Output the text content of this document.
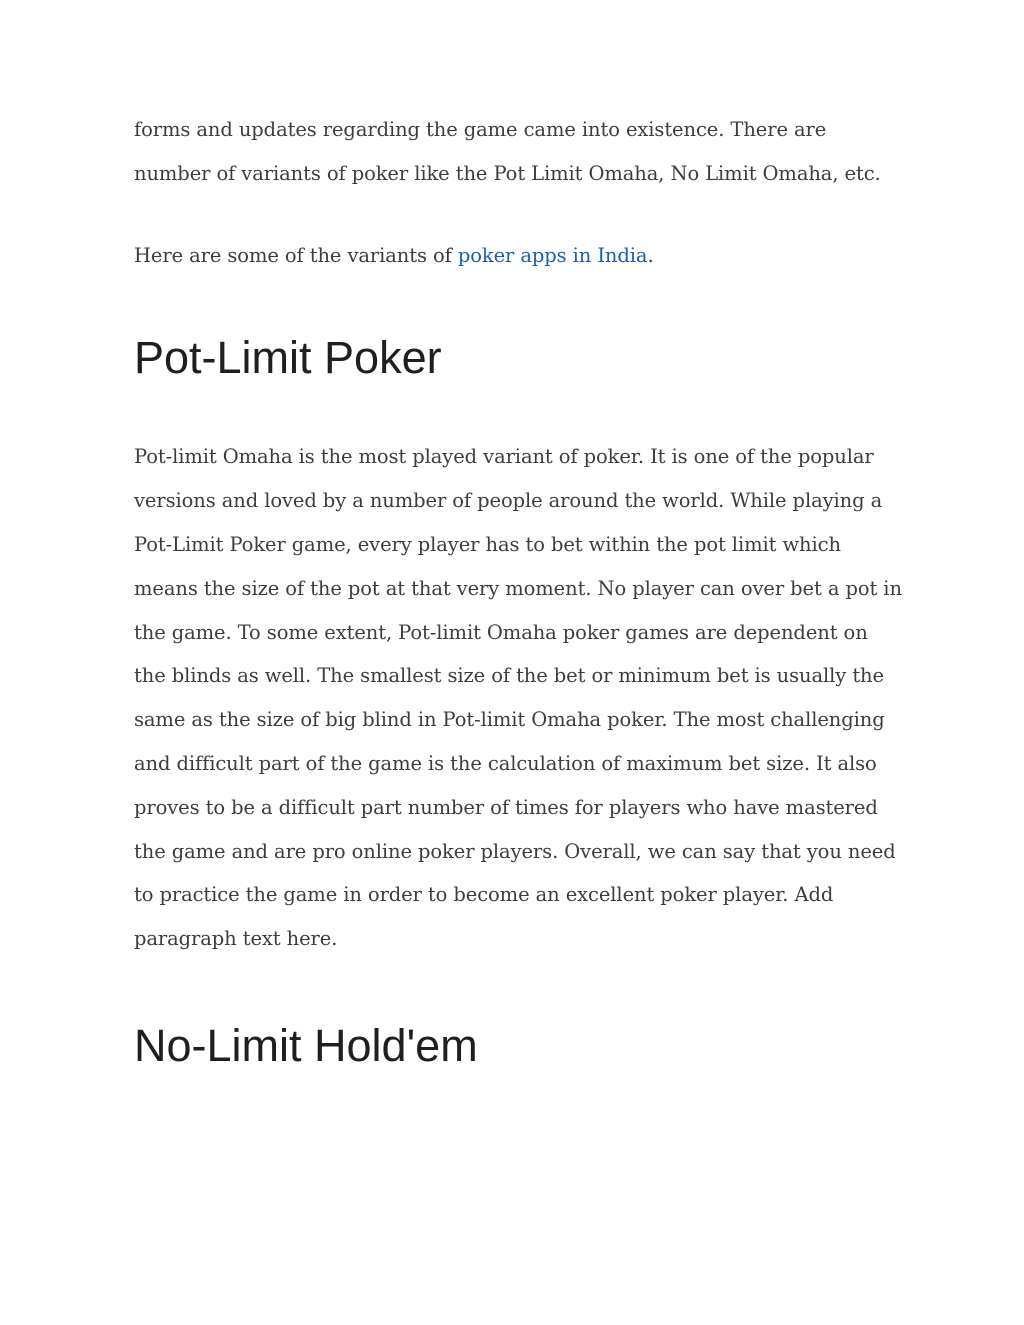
forms and updates regarding the game came into existence. There are number of variants of poker like the Pot Limit Omaha, No Limit Omaha, etc.

Here are some of the variants of poker apps in India.

Pot-Limit Poker

Pot-limit Omaha is the most played variant of poker. It is one of the popular versions and loved by a number of people around the world. While playing a Pot-Limit Poker game, every player has to bet within the pot limit which means the size of the pot at that very moment. No player can over bet a pot in the game. To some extent, Pot-limit Omaha poker games are dependent on the blinds as well. The smallest size of the bet or minimum bet is usually the same as the size of big blind in Pot-limit Omaha poker. The most challenging and difficult part of the game is the calculation of maximum bet size. It also proves to be a difficult part number of times for players who have mastered the game and are pro online poker players. Overall, we can say that you need to practice the game in order to become an excellent poker player. Add paragraph text here.

No-Limit Hold'em
